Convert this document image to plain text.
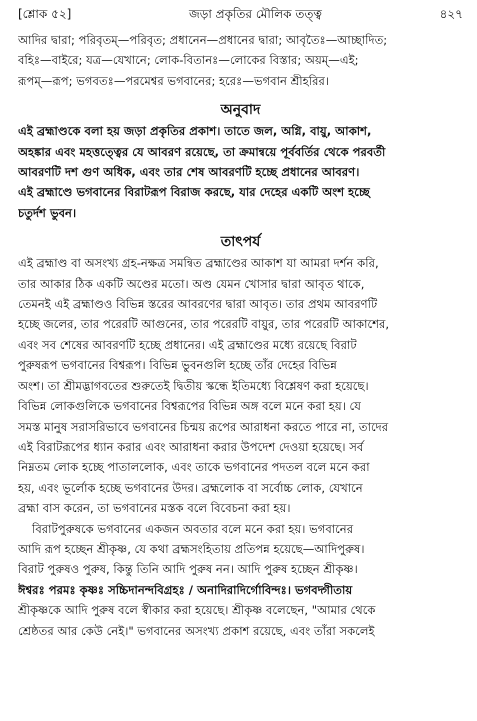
[শ্লোক ৫২]	জড়া প্রকৃতির মৌলিক তত্ত্ব	৪২৭
আদির দ্বারা; পরিবৃতম্—পরিবৃত; প্রধানেন—প্রধানের দ্বারা; আবৃতৈঃ—আচ্ছাদিত;
বহিঃ—বাইরে; যত্র—যেখানে; লোক-বিতানঃ—লোকের বিস্তার; অয়ম্—এই;
রূপম্—রূপ; ভগবতঃ—পরমেশ্বর ভগবানের; হরেঃ—ভগবান শ্রীহরির।
অনুবাদ
এই ব্রহ্মাণ্ডকে বলা হয় জড়া প্রকৃতির প্রকাশ। তাতে জল, অগ্নি, বায়ু, আকাশ,
অহঙ্কার এবং মহত্তত্ত্বের যে আবরণ রয়েছে, তা ক্রমান্বয়ে পূর্ববর্তির থেকে পরবর্তী
আবরণটি দশ গুণ অধিক, এবং তার শেষ আবরণটি হচ্ছে প্রধানের আবরণ।
এই ব্রহ্মাণ্ডে ভগবানের বিরাটরূপ বিরাজ করছে, যার দেহের একটি অংশ হচ্ছে
চতুর্দশ ভুবন।
তাৎপর্য
এই ব্রহ্মাণ্ড বা অসংখ্য গ্রহ-নক্ষত্র সমন্বিত ব্রহ্মাণ্ডের আকাশ যা আমরা দর্শন করি,
তার আকার ঠিক একটি অণ্ডের মতো। অণ্ড যেমন খোসার দ্বারা আবৃত থাকে,
তেমনই এই ব্রহ্মাণ্ডও বিভিন্ন স্তরের আবরণের দ্বারা আবৃত। তার প্রথম আবরণটি
হচ্ছে জলের, তার পরেরটি আগুনের, তার পরেরটি বায়ুর, তার পরেরটি আকাশের,
এবং সব শেষের আবরণটি হচ্ছে প্রধানের। এই ব্রহ্মাণ্ডের মধ্যে রয়েছে বিরাট
পুরুষরূপ ভগবানের বিশ্বরূপ। বিভিন্ন ভুবনগুলি হচ্ছে তাঁর দেহের বিভিন্ন
অংশ। তা শ্রীমদ্ভাগবতের শুরুতেই দ্বিতীয় স্কন্ধে ইতিমধ্যে বিশ্লেষণ করা হয়েছে।
বিভিন্ন লোকগুলিকে ভগবানের বিশ্বরূপের বিভিন্ন অঙ্গ বলে মনে করা হয়। যে
সমস্ত মানুষ সরাসরিভাবে ভগবানের চিন্ময় রূপের আরাধনা করতে পারে না, তাদের
এই বিরাটরূপের ধ্যান করার এবং আরাধনা করার উপদেশ দেওয়া হয়েছে। সর্ব
নিম্নতম লোক হচ্ছে পাতাললোক, এবং তাকে ভগবানের পদতল বলে মনে করা
হয়, এবং ভূর্লোক হচ্ছে ভগবানের উদর। ব্রহ্মলোক বা সর্বোচ্চ লোক, যেখানে
ব্রহ্মা বাস করেন, তা ভগবানের মস্তক বলে বিবেচনা করা হয়।
বিরাটপুরুষকে ভগবানের একজন অবতার বলে মনে করা হয়। ভগবানের
আদি রূপ হচ্ছেন শ্রীকৃষ্ণ, যে কথা ব্রহ্মসংহিতায় প্রতিপন্ন হয়েছে—আদিপুরুষ।
বিরাট পুরুষও পুরুষ, কিন্তু তিনি আদি পুরুষ নন। আদি পুরুষ হচ্ছেন শ্রীকৃষ্ণ।
ঈশ্বরঃ পরমঃ কৃষ্ণঃ সচ্চিদানন্দবিগ্রহঃ / অনাদিরাদির্গোবিন্দঃ। ভগবদ্গীতায়
শ্রীকৃষ্ণকে আদি পুরুষ বলে স্বীকার করা হয়েছে। শ্রীকৃষ্ণ বলেছেন, "আমার থেকে
শ্রেষ্ঠতর আর কেউ নেই।" ভগবানের অসংখ্য প্রকাশ রয়েছে, এবং তাঁরা সকলেই
